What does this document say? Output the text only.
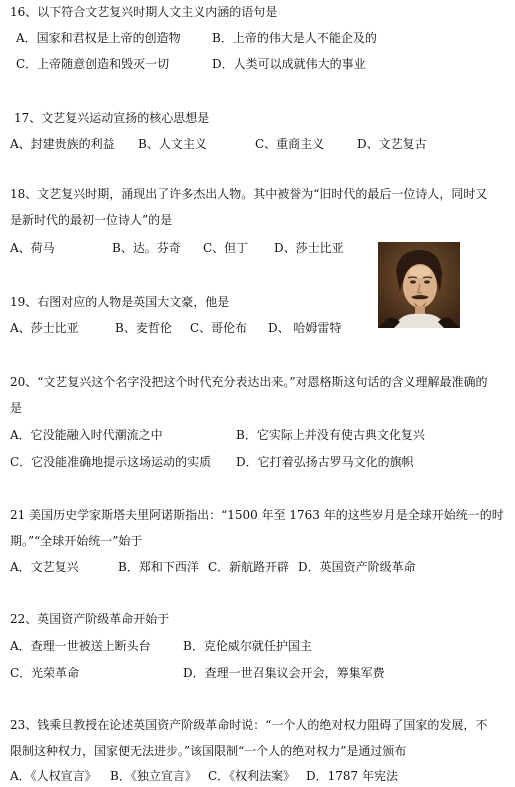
16、以下符合文艺复兴时期人文主义内涵的语句是
A．国家和君权是上帝的创造物	B．上帝的伟大是人不能企及的
C．上帝随意创造和毁灭一切	D．人类可以成就伟大的事业
17、文艺复兴运动宣扬的核心思想是
A、封建贵族的利益 B、人文主义	C、重商主义	D、文艺复古
18、文艺复兴时期，涌现出了许多杰出人物。其中被誉为“旧时代的最后一位诗人，同时又
是新时代的最初一位诗人”的是
A、荷马	B、达。芬奇 C、但丁 D、莎士比亚
19、右图对应的人物是英国大文豪，他是
A、莎士比亚	B、麦哲伦 C、哥伦布 D、 哈姆雷特
20、“文艺复兴这个名字没把这个时代充分表达出来。”对恩格斯这句话的含义理解最准确的
是
A．它没能融入时代潮流之中	B．它实际上并没有使古典文化复兴
C．它没能准确地提示这场运动的实质 D．它打着弘扬古罗马文化的旗帜
21 美国历史学家斯塔夫里阿诺斯指出：“1500 年至 1763 年的这些岁月是全球开始统一的时
期。”“全球开始统一”始于
A．文艺复兴	B．郑和下西洋 C．新航路开辟 D．英国资产阶级革命
22、英国资产阶级革命开始于
A．查理一世被送上断头台	B．克伦威尔就任护国主
C．光荣革命	D．查理一世召集议会开会，筹集军费
23、钱乘旦教授在论述英国资产阶级革命时说：“一个人的绝对权力阻碍了国家的发展，不
限制这种权力，国家便无法进步。”该国限制“一个人的绝对权力”是通过颁布
A．《人权宣言》 B．《独立宣言》 C．《权利法案》 D．1787 年宪法
